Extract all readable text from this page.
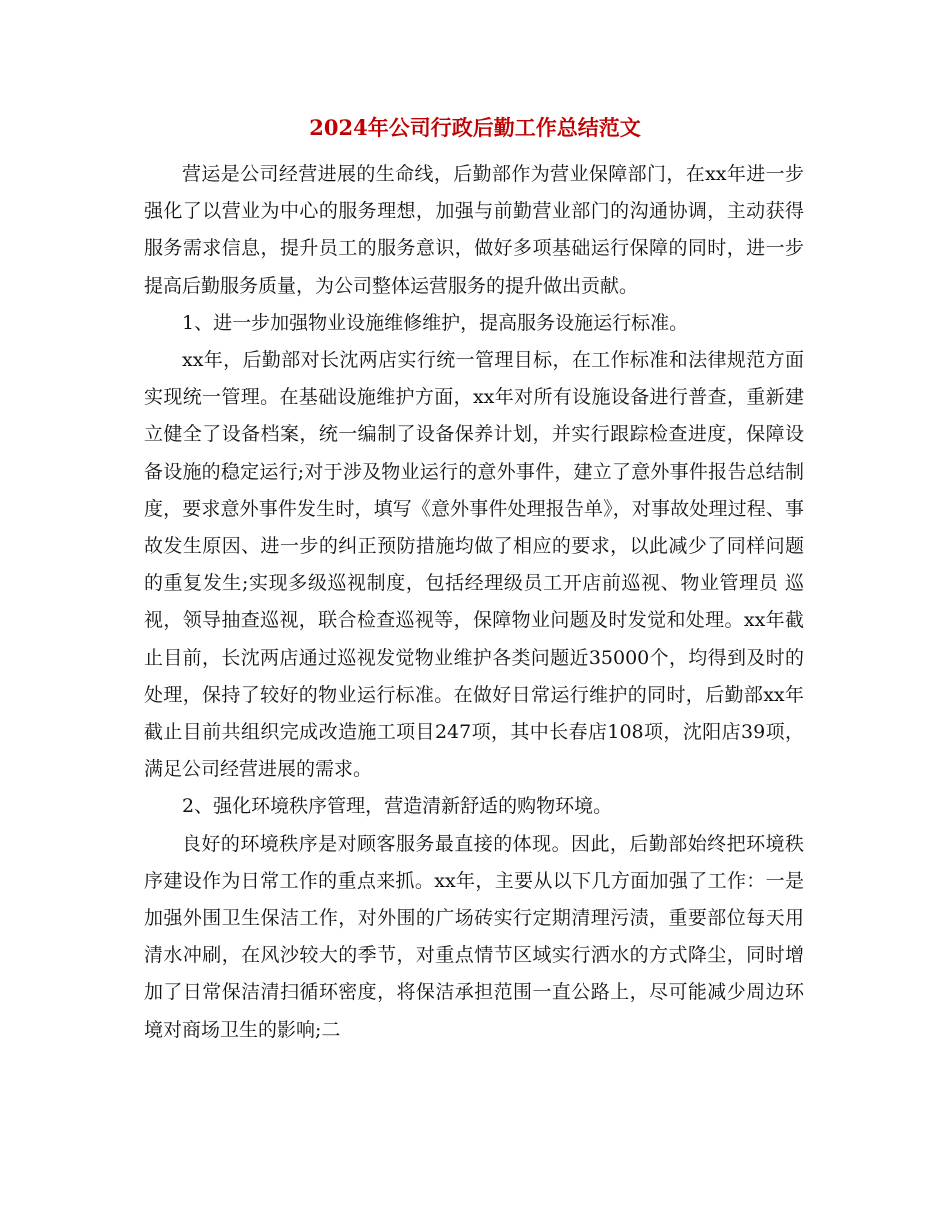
2024年公司行政后勤工作总结范文

营运是公司经营进展的生命线，后勤部作为营业保障部门，在xx年进一步强化了以营业为中心的服务理想，加强与前勤营业部门的沟通协调，主动获得服务需求信息，提升员工的服务意识，做好多项基础运行保障的同时，进一步提高后勤服务质量，为公司整体运营服务的提升做出贡献。

1、进一步加强物业设施维修维护，提高服务设施运行标准。

xx年，后勤部对长沈两店实行统一管理目标，在工作标准和法律规范方面实现统一管理。在基础设施维护方面，xx年对所有设施设备进行普查，重新建立健全了设备档案，统一编制了设备保养计划，并实行跟踪检查进度，保障设备设施的稳定运行;对于涉及物业运行的意外事件，建立了意外事件报告总结制度，要求意外事件发生时，填写《意外事件处理报告单》，对事故处理过程、事故发生原因、进一步的纠正预防措施均做了相应的要求，以此减少了同样问题的重复发生;实现多级巡视制度，包括经理级员工开店前巡视、物业管理员 巡视，领导抽查巡视，联合检查巡视等，保障物业问题及时发觉和处理。xx年截止目前，长沈两店通过巡视发觉物业维护各类问题近35000个，均得到及时的处理，保持了较好的物业运行标准。在做好日常运行维护的同时，后勤部xx年截止目前共组织完成改造施工项目247项，其中长春店108项，沈阳店39项，满足公司经营进展的需求。

2、强化环境秩序管理，营造清新舒适的购物环境。

良好的环境秩序是对顾客服务最直接的体现。因此，后勤部始终把环境秩序建设作为日常工作的重点来抓。xx年，主要从以下几方面加强了工作：一是加强外围卫生保洁工作，对外围的广场砖实行定期清理污渍，重要部位每天用清水冲刷，在风沙较大的季节，对重点情节区域实行洒水的方式降尘，同时增加了日常保洁清扫循环密度，将保洁承担范围一直公路上，尽可能减少周边环境对商场卫生的影响;二
